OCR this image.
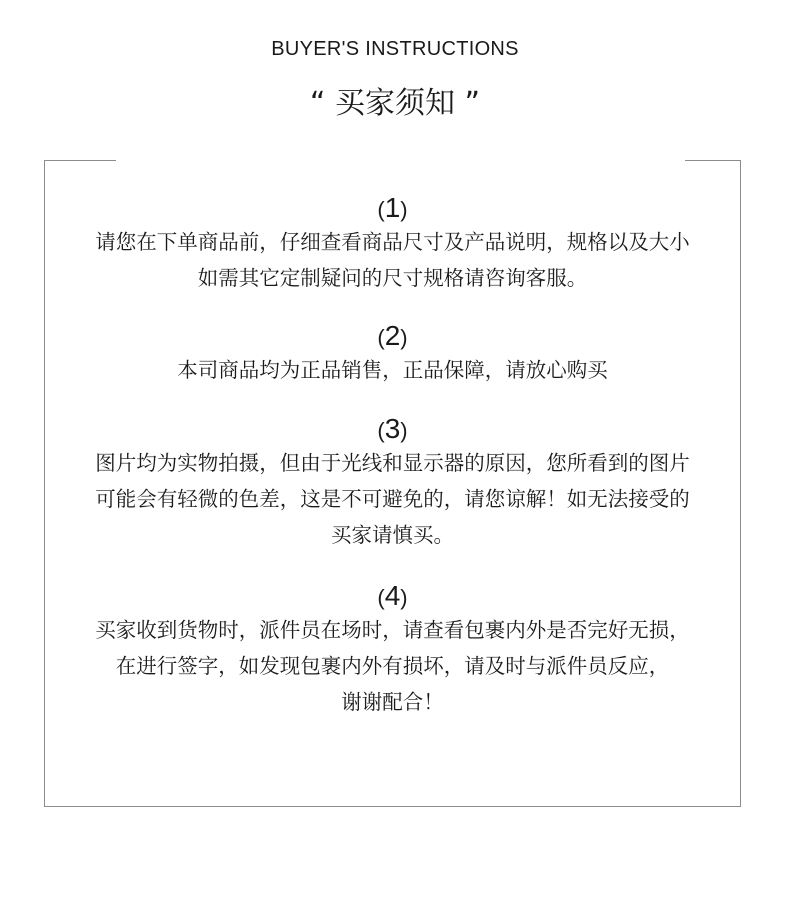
BUYER'S INSTRUCTIONS
“ 买家须知 ”
(1)
请您在下单商品前，仔细查看商品尺寸及产品说明，规格以及大小
如需其它定制疑问的尺寸规格请咨询客服。
(2)
本司商品均为正品销售，正品保障，请放心购买
(3)
图片均为实物拍摄，但由于光线和显示器的原因，您所看到的图片
可能会有轻微的色差，这是不可避免的，请您谅解！如无法接受的
买家请慎买。
(4)
买家收到货物时，派件员在场时，请查看包裹内外是否完好无损，
在进行签字，如发现包裹内外有损坏，请及时与派件员反应，
谢谢配合！
